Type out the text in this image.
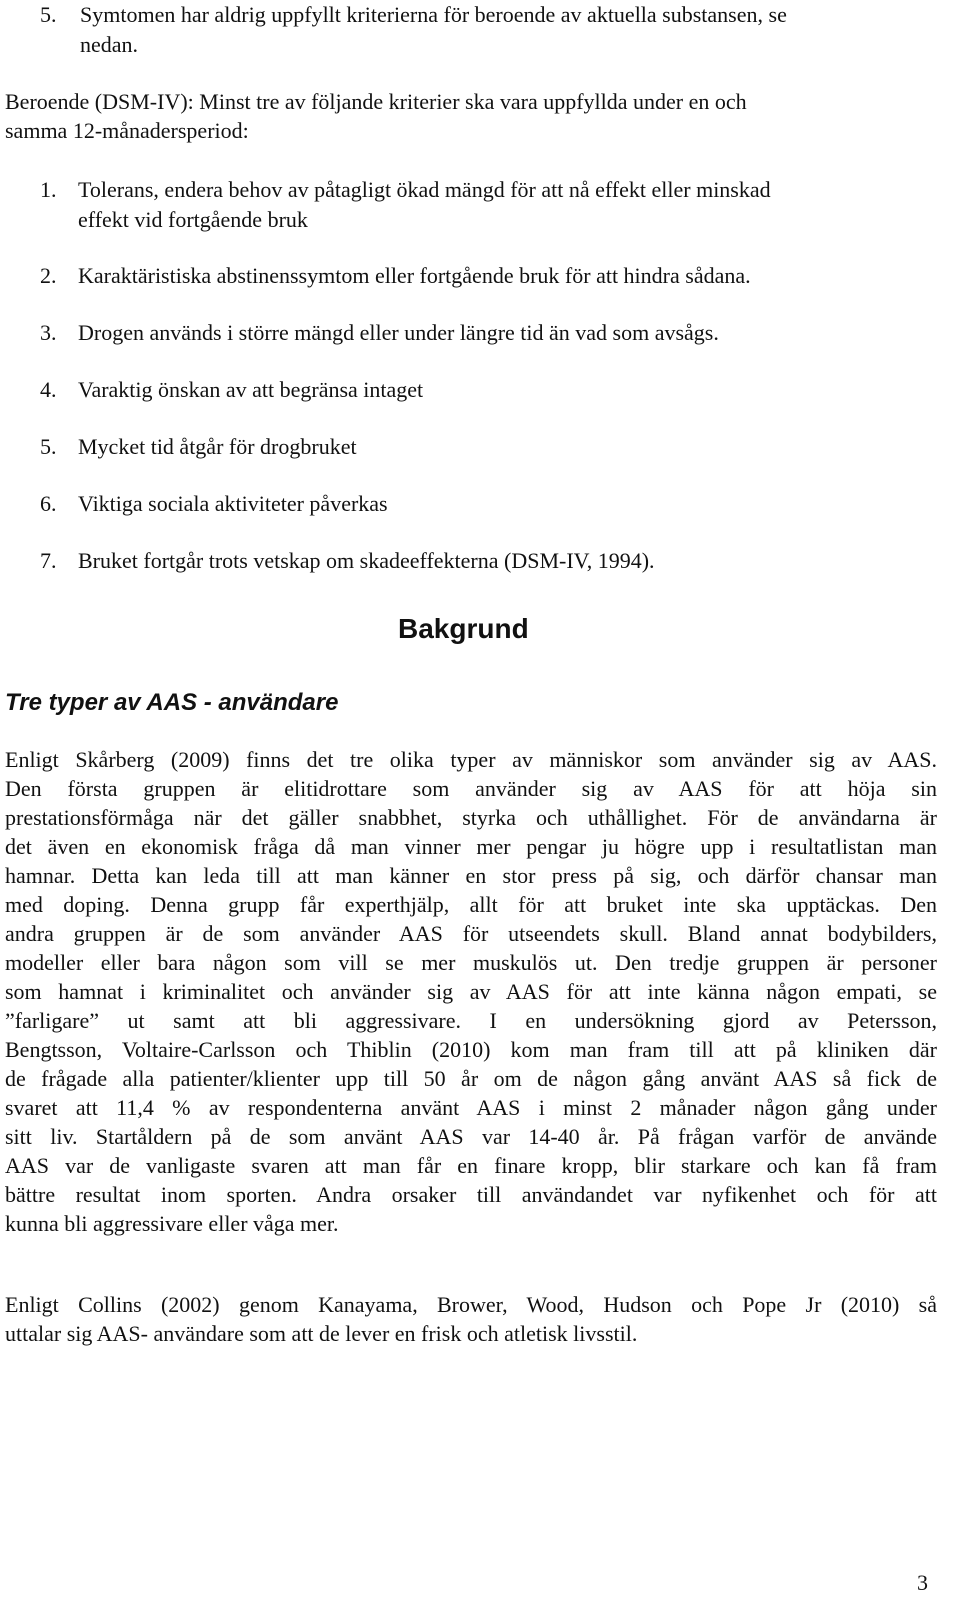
5. Symtomen har aldrig uppfyllt kriterierna för beroende av aktuella substansen, se
nedan.
Beroende (DSM-IV): Minst tre av följande kriterier ska vara uppfyllda under en och
samma 12-månadersperiod:
1. Tolerans, endera behov av påtagligt ökad mängd för att nå effekt eller minskad
effekt vid fortgående bruk
2. Karaktäristiska abstinenssymtom eller fortgående bruk för att hindra sådana.
3. Drogen används i större mängd eller under längre tid än vad som avsågs.
4. Varaktig önskan av att begränsa intaget
5. Mycket tid åtgår för drogbruket
6. Viktiga sociala aktiviteter påverkas
7. Bruket fortgår trots vetskap om skadeeffekterna (DSM-IV, 1994).
Bakgrund
Tre typer av AAS - användare
Enligt Skårberg (2009) finns det tre olika typer av människor som använder sig av AAS.
Den första gruppen är elitidrottare som använder sig av AAS för att höja sin
prestationsförmåga när det gäller snabbhet, styrka och uthållighet. För de användarna är
det även en ekonomisk fråga då man vinner mer pengar ju högre upp i resultatlistan man
hamnar. Detta kan leda till att man känner en stor press på sig, och därför chansar man
med doping. Denna grupp får experthjälp, allt för att bruket inte ska upptäckas. Den
andra gruppen är de som använder AAS för utseendets skull. Bland annat bodybilders,
modeller eller bara någon som vill se mer muskulös ut. Den tredje gruppen är personer
som hamnat i kriminalitet och använder sig av AAS för att inte känna någon empati, se
”farligare” ut samt att bli aggressivare. I en undersökning gjord av Petersson,
Bengtsson, Voltaire-Carlsson och Thiblin (2010) kom man fram till att på kliniken där
de frågade alla patienter/klienter upp till 50 år om de någon gång använt AAS så fick de
svaret att 11,4 % av respondenterna använt AAS i minst 2 månader någon gång under
sitt liv. Startåldern på de som använt AAS var 14-40 år. På frågan varför de använde
AAS var de vanligaste svaren att man får en finare kropp, blir starkare och kan få fram
bättre resultat inom sporten. Andra orsaker till användandet var nyfikenhet och för att
kunna bli aggressivare eller våga mer.
Enligt Collins (2002) genom Kanayama, Brower, Wood, Hudson och Pope Jr (2010) så
uttalar sig AAS- användare som att de lever en frisk och atletisk livsstil.
3
